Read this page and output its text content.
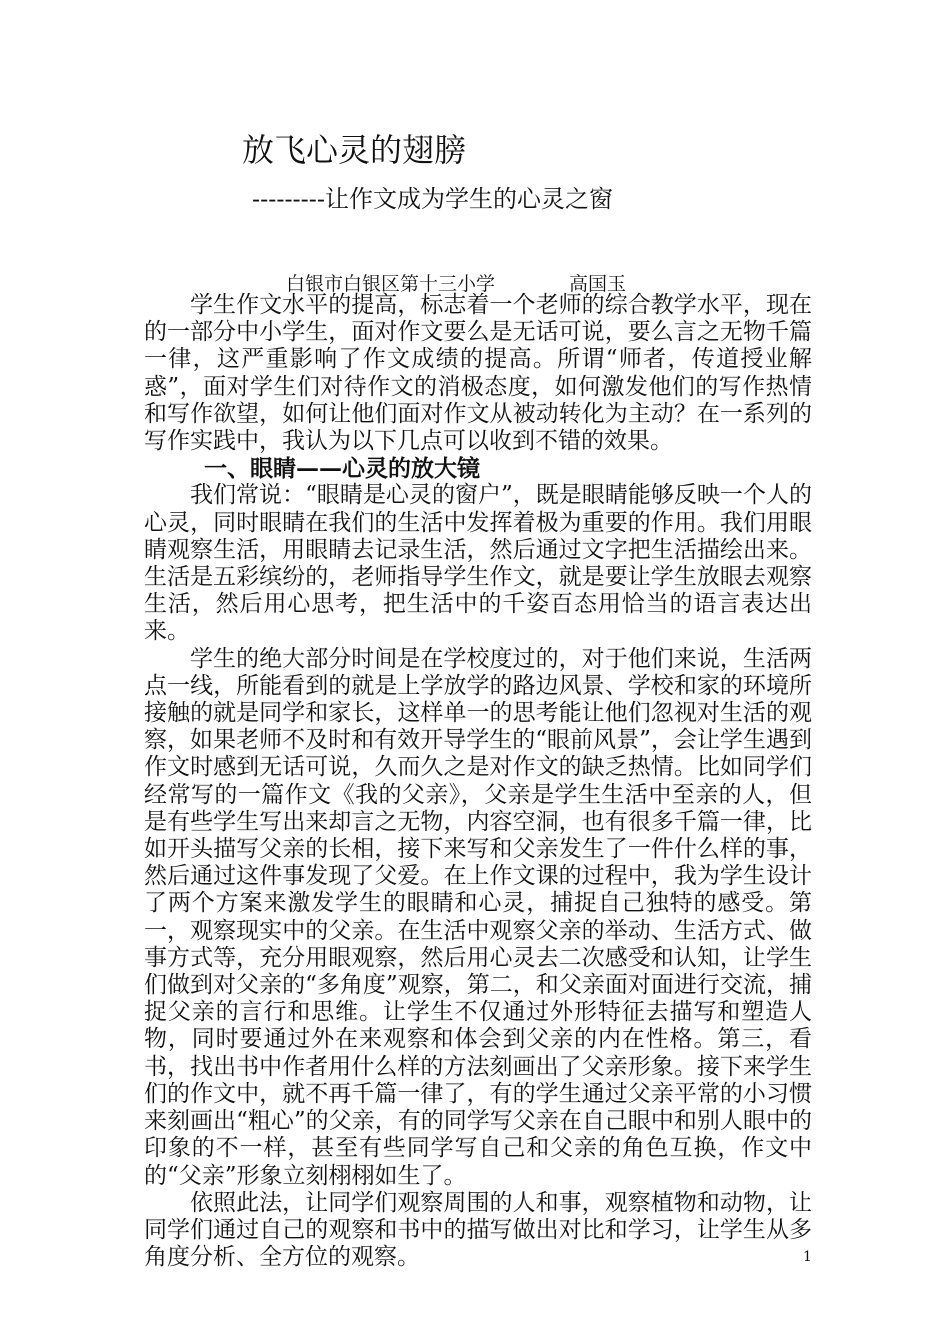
放飞心灵的翅膀
---------让作文成为学生的心灵之窗
白银市白银区第十三小学	高国玉

学生作文水平的提高，标志着一个老师的综合教学水平，现在的一部分中小学生，面对作文要么是无话可说，要么言之无物千篇一律，这严重影响了作文成绩的提高。所谓“师者，传道授业解惑”，面对学生们对待作文的消极态度，如何激发他们的写作热情和写作欲望，如何让他们面对作文从被动转化为主动？在一系列的写作实践中，我认为以下几点可以收到不错的效果。

一、眼睛——心灵的放大镜

我们常说：“眼睛是心灵的窗户”，既是眼睛能够反映一个人的心灵，同时眼睛在我们的生活中发挥着极为重要的作用。我们用眼睛观察生活，用眼睛去记录生活，然后通过文字把生活描绘出来。生活是五彩缤纷的，老师指导学生作文，就是要让学生放眼去观察生活，然后用心思考，把生活中的千姿百态用恰当的语言表达出来。

学生的绝大部分时间是在学校度过的，对于他们来说，生活两点一线，所能看到的就是上学放学的路边风景、学校和家的环境所接触的就是同学和家长，这样单一的思考能让他们忽视对生活的观察，如果老师不及时和有效开导学生的“眼前风景”，会让学生遇到作文时感到无话可说，久而久之是对作文的缺乏热情。比如同学们经常写的一篇作文《我的父亲》，父亲是学生生活中至亲的人，但是有些学生写出来却言之无物，内容空洞，也有很多千篇一律，比如开头描写父亲的长相，接下来写和父亲发生了一件什么样的事，然后通过这件事发现了父爱。在上作文课的过程中，我为学生设计了两个方案来激发学生的眼睛和心灵，捕捉自己独特的感受。第一，观察现实中的父亲。在生活中观察父亲的举动、生活方式、做事方式等，充分用眼观察，然后用心灵去二次感受和认知，让学生们做到对父亲的“多角度”观察，第二，和父亲面对面进行交流，捕捉父亲的言行和思维。让学生不仅通过外形特征去描写和塑造人物，同时要通过外在来观察和体会到父亲的内在性格。第三，看书，找出书中作者用什么样的方法刻画出了父亲形象。接下来学生们的作文中，就不再千篇一律了，有的学生通过父亲平常的小习惯来刻画出“粗心”的父亲，有的同学写父亲在自己眼中和别人眼中的印象的不一样，甚至有些同学写自己和父亲的角色互换，作文中的“父亲”形象立刻栩栩如生了。

依照此法，让同学们观察周围的人和事，观察植物和动物，让同学们通过自己的观察和书中的描写做出对比和学习，让学生从多角度分析、全方位的观察。	1
